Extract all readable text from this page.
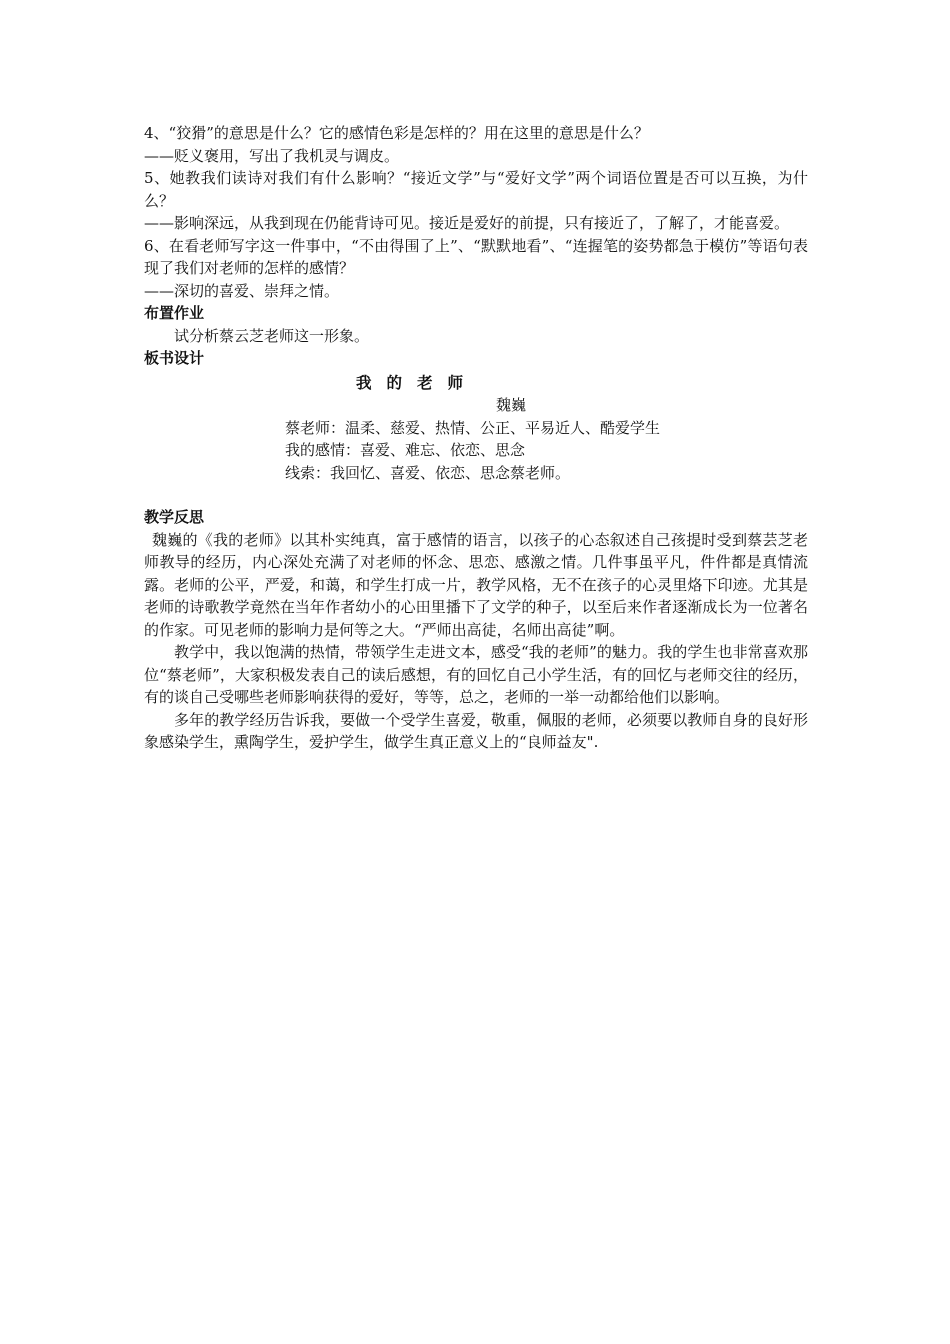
4、“狡猾”的意思是什么？它的感情色彩是怎样的？用在这里的意思是什么？
——贬义褒用，写出了我机灵与调皮。
5、她教我们读诗对我们有什么影响？“接近文学”与“爱好文学”两个词语位置是否可以互换，为什么？
——影响深远，从我到现在仍能背诗可见。接近是爱好的前提，只有接近了，了解了，才能喜爱。
6、在看老师写字这一件事中，“不由得围了上”、“默默地看”、“连握笔的姿势都急于模仿”等语句表现了我们对老师的怎样的感情？
——深切的喜爱、崇拜之情。
布置作业
试分析蔡云芝老师这一形象。
板书设计
我的老师
魏巍
蔡老师：温柔、慈爱、热情、公正、平易近人、酷爱学生
我的感情：喜爱、难忘、依恋、思念
线索：我回忆、喜爱、依恋、思念蔡老师。
教学反思

魏巍的《我的老师》以其朴实纯真，富于感情的语言，以孩子的心态叙述自己孩提时受到蔡芸芝老师教导的经历，内心深处充满了对老师的怀念、思恋、感激之情。几件事虽平凡，件件都是真情流露。老师的公平，严爱，和蔼，和学生打成一片，教学风格，无不在孩子的心灵里烙下印迹。尤其是老师的诗歌教学竟然在当年作者幼小的心田里播下了文学的种子，以至后来作者逐渐成长为一位著名的作家。可见老师的影响力是何等之大。“严师出高徒，名师出高徒”啊。

教学中，我以饱满的热情，带领学生走进文本，感受“我的老师”的魅力。我的学生也非常喜欢那位“蔡老师”，大家积极发表自己的读后感想，有的回忆自己小学生活，有的回忆与老师交往的经历，有的谈自己受哪些老师影响获得的爱好，等等，总之，老师的一举一动都给他们以影响。

多年的教学经历告诉我，要做一个受学生喜爱，敬重，佩服的老师，必须要以教师自身的良好形象感染学生，熏陶学生，爱护学生，做学生真正意义上的“良师益友".
